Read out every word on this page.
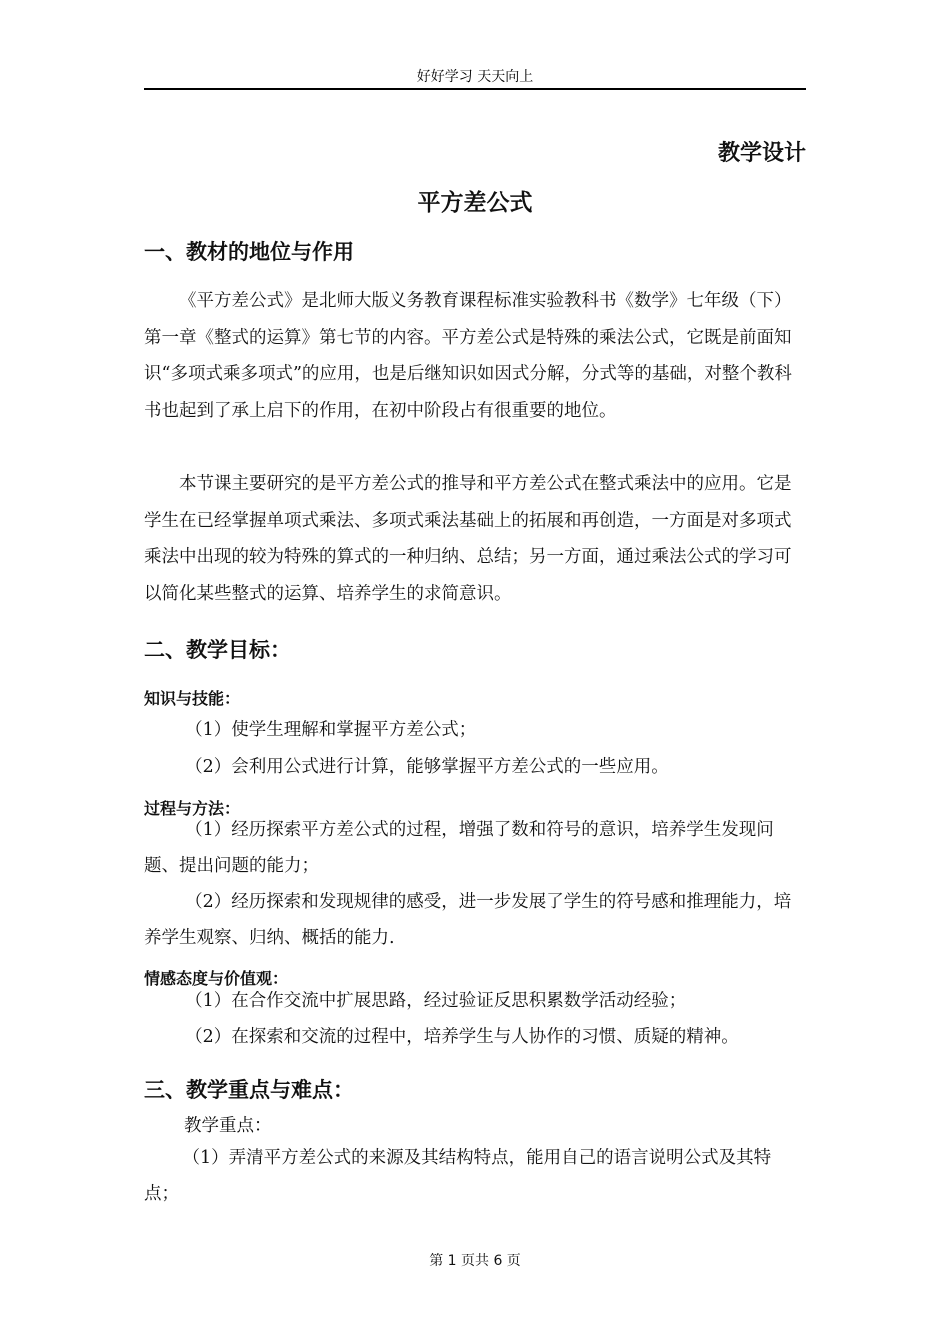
好好学习 天天向上
教学设计
平方差公式
一、教材的地位与作用

《平方差公式》是北师大版义务教育课程标准实验教科书《数学》七年级（下）第一章《整式的运算》第七节的内容。平方差公式是特殊的乘法公式，它既是前面知识“多项式乘多项式”的应用，也是后继知识如因式分解，分式等的基础，对整个教科书也起到了承上启下的作用，在初中阶段占有很重要的地位。

本节课主要研究的是平方差公式的推导和平方差公式在整式乘法中的应用。它是学生在已经掌握单项式乘法、多项式乘法基础上的拓展和再创造，一方面是对多项式乘法中出现的较为特殊的算式的一种归纳、总结；另一方面，通过乘法公式的学习可以简化某些整式的运算、培养学生的求简意识。

二、教学目标：
知识与技能：

（1）使学生理解和掌握平方差公式；

（2）会利用公式进行计算，能够掌握平方差公式的一些应用。

过程与方法：

（1）经历探索平方差公式的过程，增强了数和符号的意识，培养学生发现问题、提出问题的能力；

（2）经历探索和发现规律的感受，进一步发展了学生的符号感和推理能力，培养学生观察、归纳、概括的能力.

情感态度与价值观：

（1）在合作交流中扩展思路，经过验证反思积累数学活动经验；

（2）在探索和交流的过程中，培养学生与人协作的习惯、质疑的精神。

三、教学重点与难点：
教学重点：

（1）弄清平方差公式的来源及其结构特点，能用自己的语言说明公式及其特点；

第 1 页共 6 页
